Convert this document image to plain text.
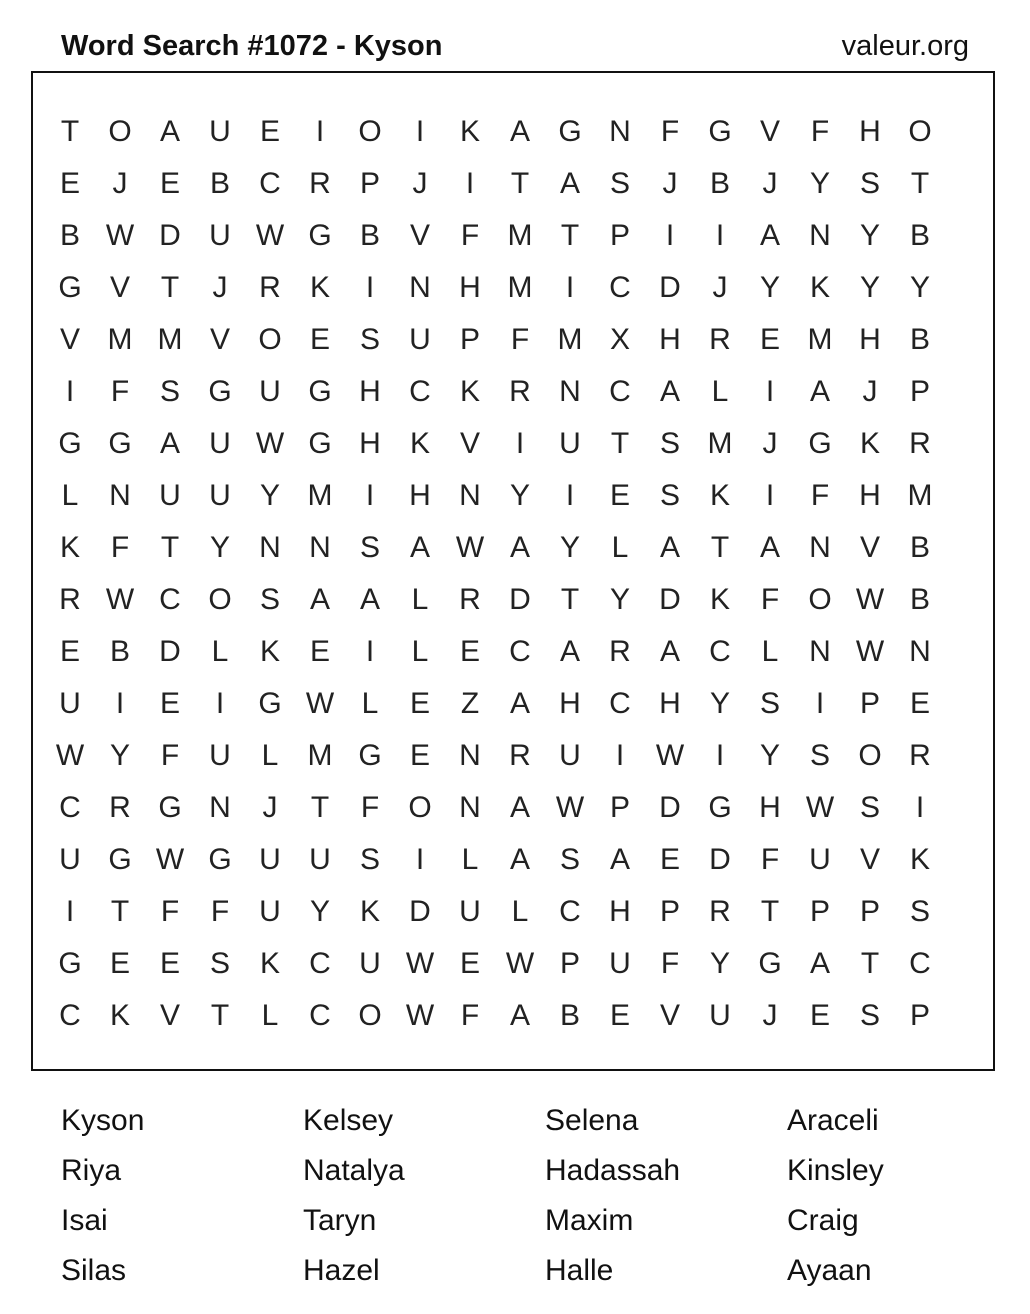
Word Search #1072 - Kyson	valeur.org
T O A U E	I	O	I	K A G N	F G V	F	H O
E	J	E B C R P	J	I	T	A S	J	B	J	Y S	T
B W D U W G B V	F M T	P	I	I	A N Y B
G V	T	J	R K	I	N H M	I	C D	J	Y K Y Y
V M M V O E S U P	F M X H R E M H B
I	F	S G U G H C K R N C A	L	I	A	J	P
G G A U W G H K V	I	U	T	S M	J	G K R
L	N U U Y M	I	H N Y	I	E S K	I	F	H M
K	F	T	Y N N S A W A Y	L	A	T	A N V B
R W C O S A A	L	R D	T	Y D K	F O W B
E B D	L	K E	I	L	E C A R A C	L	N W N
U	I	E	I	G W L	E	Z	A H C H Y S	I	P E
W Y	F	U	L M G E N R U	I	W	I	Y S O R
C R G N	J	T	F O N A W P D G H W S	I
U G W G U U S	I	L	A S A E D	F	U V K
I	T	F	F	U Y K D U	L	C H P R	T	P P S
G E E S K C U W E W P U	F	Y G A	T	C
C K V	T	L	C O W F	A B E V U	J	E S P
Kyson	Kelsey	Selena	Araceli
Riya	Natalya	Hadassah	Kinsley
Isai	Taryn	Maxim	Craig
Silas	Hazel	Halle	Ayaan
